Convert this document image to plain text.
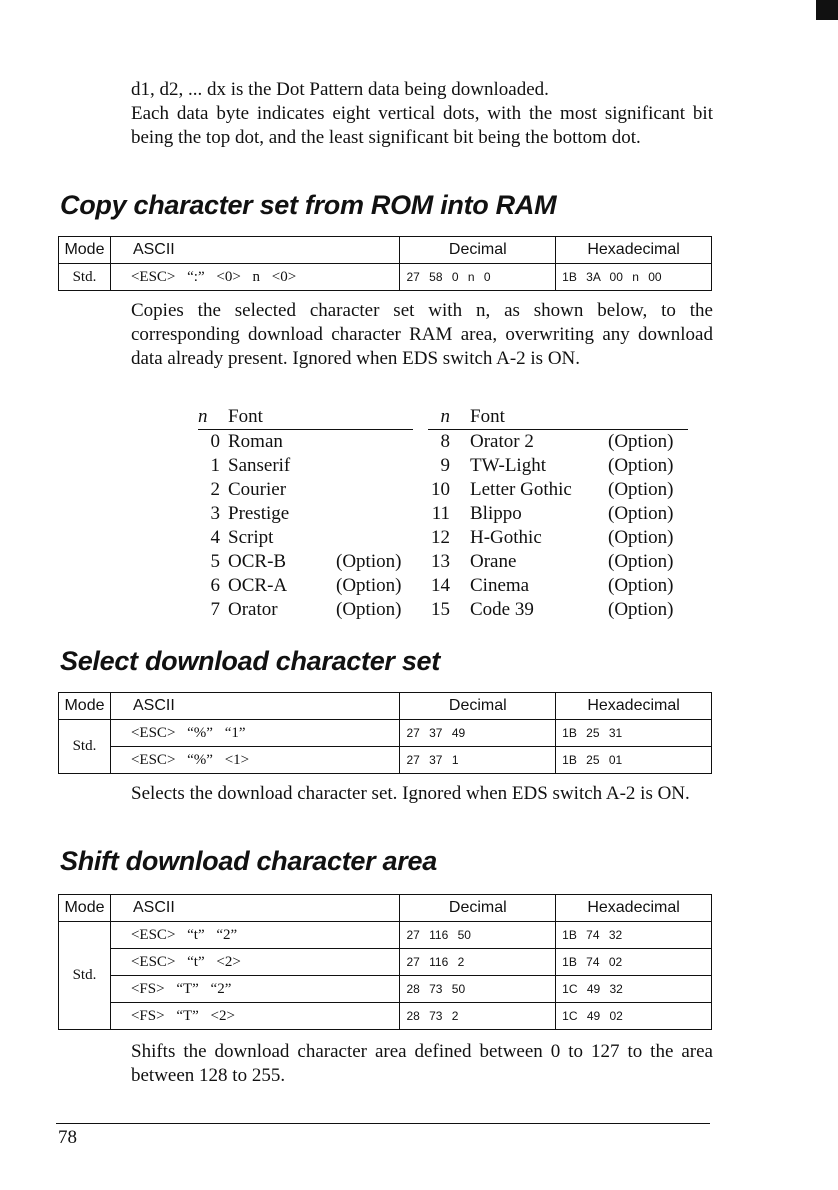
d1, d2, ... dx is the Dot Pattern data being downloaded.

Each data byte indicates eight vertical dots, with the most significant bit being the top dot, and the least significant bit being the bottom dot.

Copy character set from ROM into RAM
Mode	ASCII	Decimal	Hexadecimal
Std.	<ESC> “:” <0> n <0>	27 58 0 n 0	1B 3A 00 n 00
Copies the selected character set with n, as shown below, to the corresponding download character RAM area, overwriting any download data already present. Ignored when EDS switch A-2 is ON.
n Font
0 Roman
1 Sanserif
2 Courier
3 Prestige
4 Script
5 OCR-B	(Option)
6 OCR-A	(Option)
7 Orator	(Option)
n Font
8 Orator 2	(Option)
9 TW-Light	(Option)
10 Letter Gothic (Option)
11 Blippo	(Option)
12 H-Gothic	(Option)
13 Orane	(Option)
14 Cinema	(Option)
15 Code 39	(Option)
Select download character set
Mode	ASCII	Decimal	Hexadecimal
Std.	<ESC> “%” “1”	27 37 49	1B 25 31
	<ESC> “%” <1>	27 37 1	1B 25 01
Selects the download character set. Ignored when EDS switch A-2 is ON.
Shift download character area
Mode	ASCII	Decimal	Hexadecimal
Std.	<ESC> “t” “2”	27 116 50	1B 74 32
	<ESC> “t” <2>	27 116 2	1B 74 02
	<FS> “T” “2”	28 73 50	1C 49 32
	<FS> “T” <2>	28 73 2	1C 49 02
Shifts the download character area defined between 0 to 127 to the area between 128 to 255.
78
